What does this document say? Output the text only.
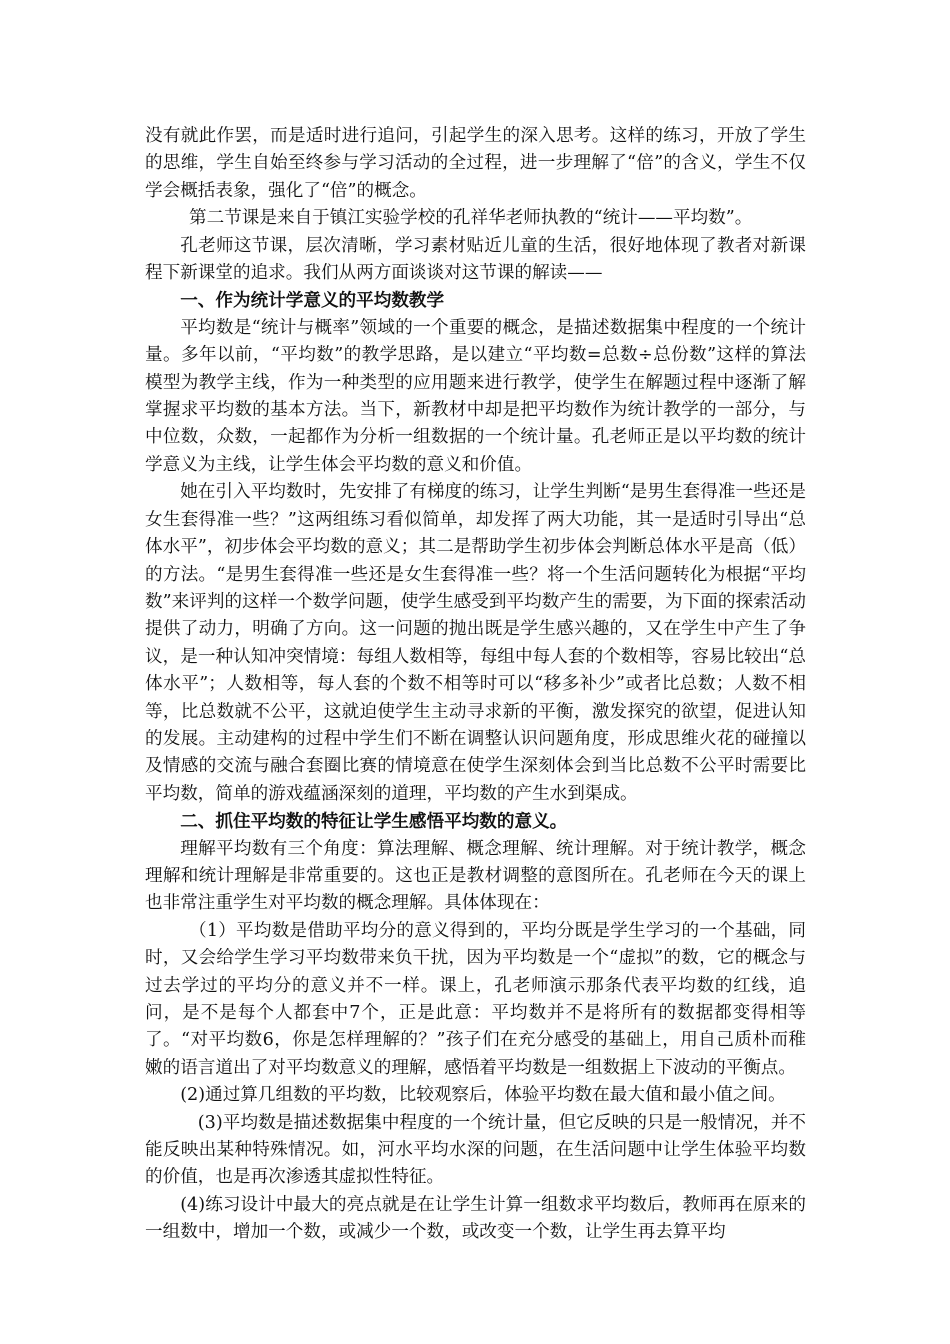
没有就此作罢，而是适时进行追问，引起学生的深入思考。这样的练习，开放了学生的思维，学生自始至终参与学习活动的全过程，进一步理解了“倍”的含义，学生不仅学会概括表象，强化了“倍”的概念。

第二节课是来自于镇江实验学校的孔祥华老师执教的“统计——平均数”。

孔老师这节课，层次清晰，学习素材贴近儿童的生活，很好地体现了教者对新课程下新课堂的追求。我们从两方面谈谈对这节课的解读——

一、作为统计学意义的平均数教学

平均数是“统计与概率”领域的一个重要的概念，是描述数据集中程度的一个统计量。多年以前，“平均数”的教学思路，是以建立“平均数=总数÷总份数”这样的算法模型为教学主线，作为一种类型的应用题来进行教学，使学生在解题过程中逐渐了解掌握求平均数的基本方法。当下，新教材中却是把平均数作为统计教学的一部分，与中位数，众数，一起都作为分析一组数据的一个统计量。孔老师正是以平均数的统计学意义为主线，让学生体会平均数的意义和价值。

她在引入平均数时，先安排了有梯度的练习，让学生判断“是男生套得准一些还是女生套得准一些？”这两组练习看似简单，却发挥了两大功能，其一是适时引导出“总体水平”，初步体会平均数的意义；其二是帮助学生初步体会判断总体水平是高（低）的方法。“是男生套得准一些还是女生套得准一些？将一个生活问题转化为根据“平均数”来评判的这样一个数学问题，使学生感受到平均数产生的需要，为下面的探索活动提供了动力，明确了方向。这一问题的抛出既是学生感兴趣的，又在学生中产生了争议，是一种认知冲突情境：每组人数相等，每组中每人套的个数相等，容易比较出“总体水平”；人数相等，每人套的个数不相等时可以“移多补少”或者比总数；人数不相等，比总数就不公平，这就迫使学生主动寻求新的平衡，激发探究的欲望，促进认知的发展。主动建构的过程中学生们不断在调整认识问题角度，形成思维火花的碰撞以及情感的交流与融合套圈比赛的情境意在使学生深刻体会到当比总数不公平时需要比平均数，简单的游戏蕴涵深刻的道理，平均数的产生水到渠成。

二、抓住平均数的特征让学生感悟平均数的意义。

理解平均数有三个角度：算法理解、概念理解、统计理解。对于统计教学，概念理解和统计理解是非常重要的。这也正是教材调整的意图所在。孔老师在今天的课上也非常注重学生对平均数的概念理解。具体体现在：

（1）平均数是借助平均分的意义得到的，平均分既是学生学习的一个基础，同时，又会给学生学习平均数带来负干扰，因为平均数是一个“虚拟”的数，它的概念与过去学过的平均分的意义并不一样。课上，孔老师演示那条代表平均数的红线，追问，是不是每个人都套中7个，正是此意：平均数并不是将所有的数据都变得相等了。“对平均数6，你是怎样理解的？”孩子们在充分感受的基础上，用自己质朴而稚嫩的语言道出了对平均数意义的理解，感悟着平均数是一组数据上下波动的平衡点。

(2)通过算几组数的平均数，比较观察后，体验平均数在最大值和最小值之间。

(3)平均数是描述数据集中程度的一个统计量，但它反映的只是一般情况，并不能反映出某种特殊情况。如，河水平均水深的问题，在生活问题中让学生体验平均数的价值，也是再次渗透其虚拟性特征。

(4)练习设计中最大的亮点就是在让学生计算一组数求平均数后，教师再在原来的一组数中，增加一个数，或减少一个数，或改变一个数，让学生再去算平均
